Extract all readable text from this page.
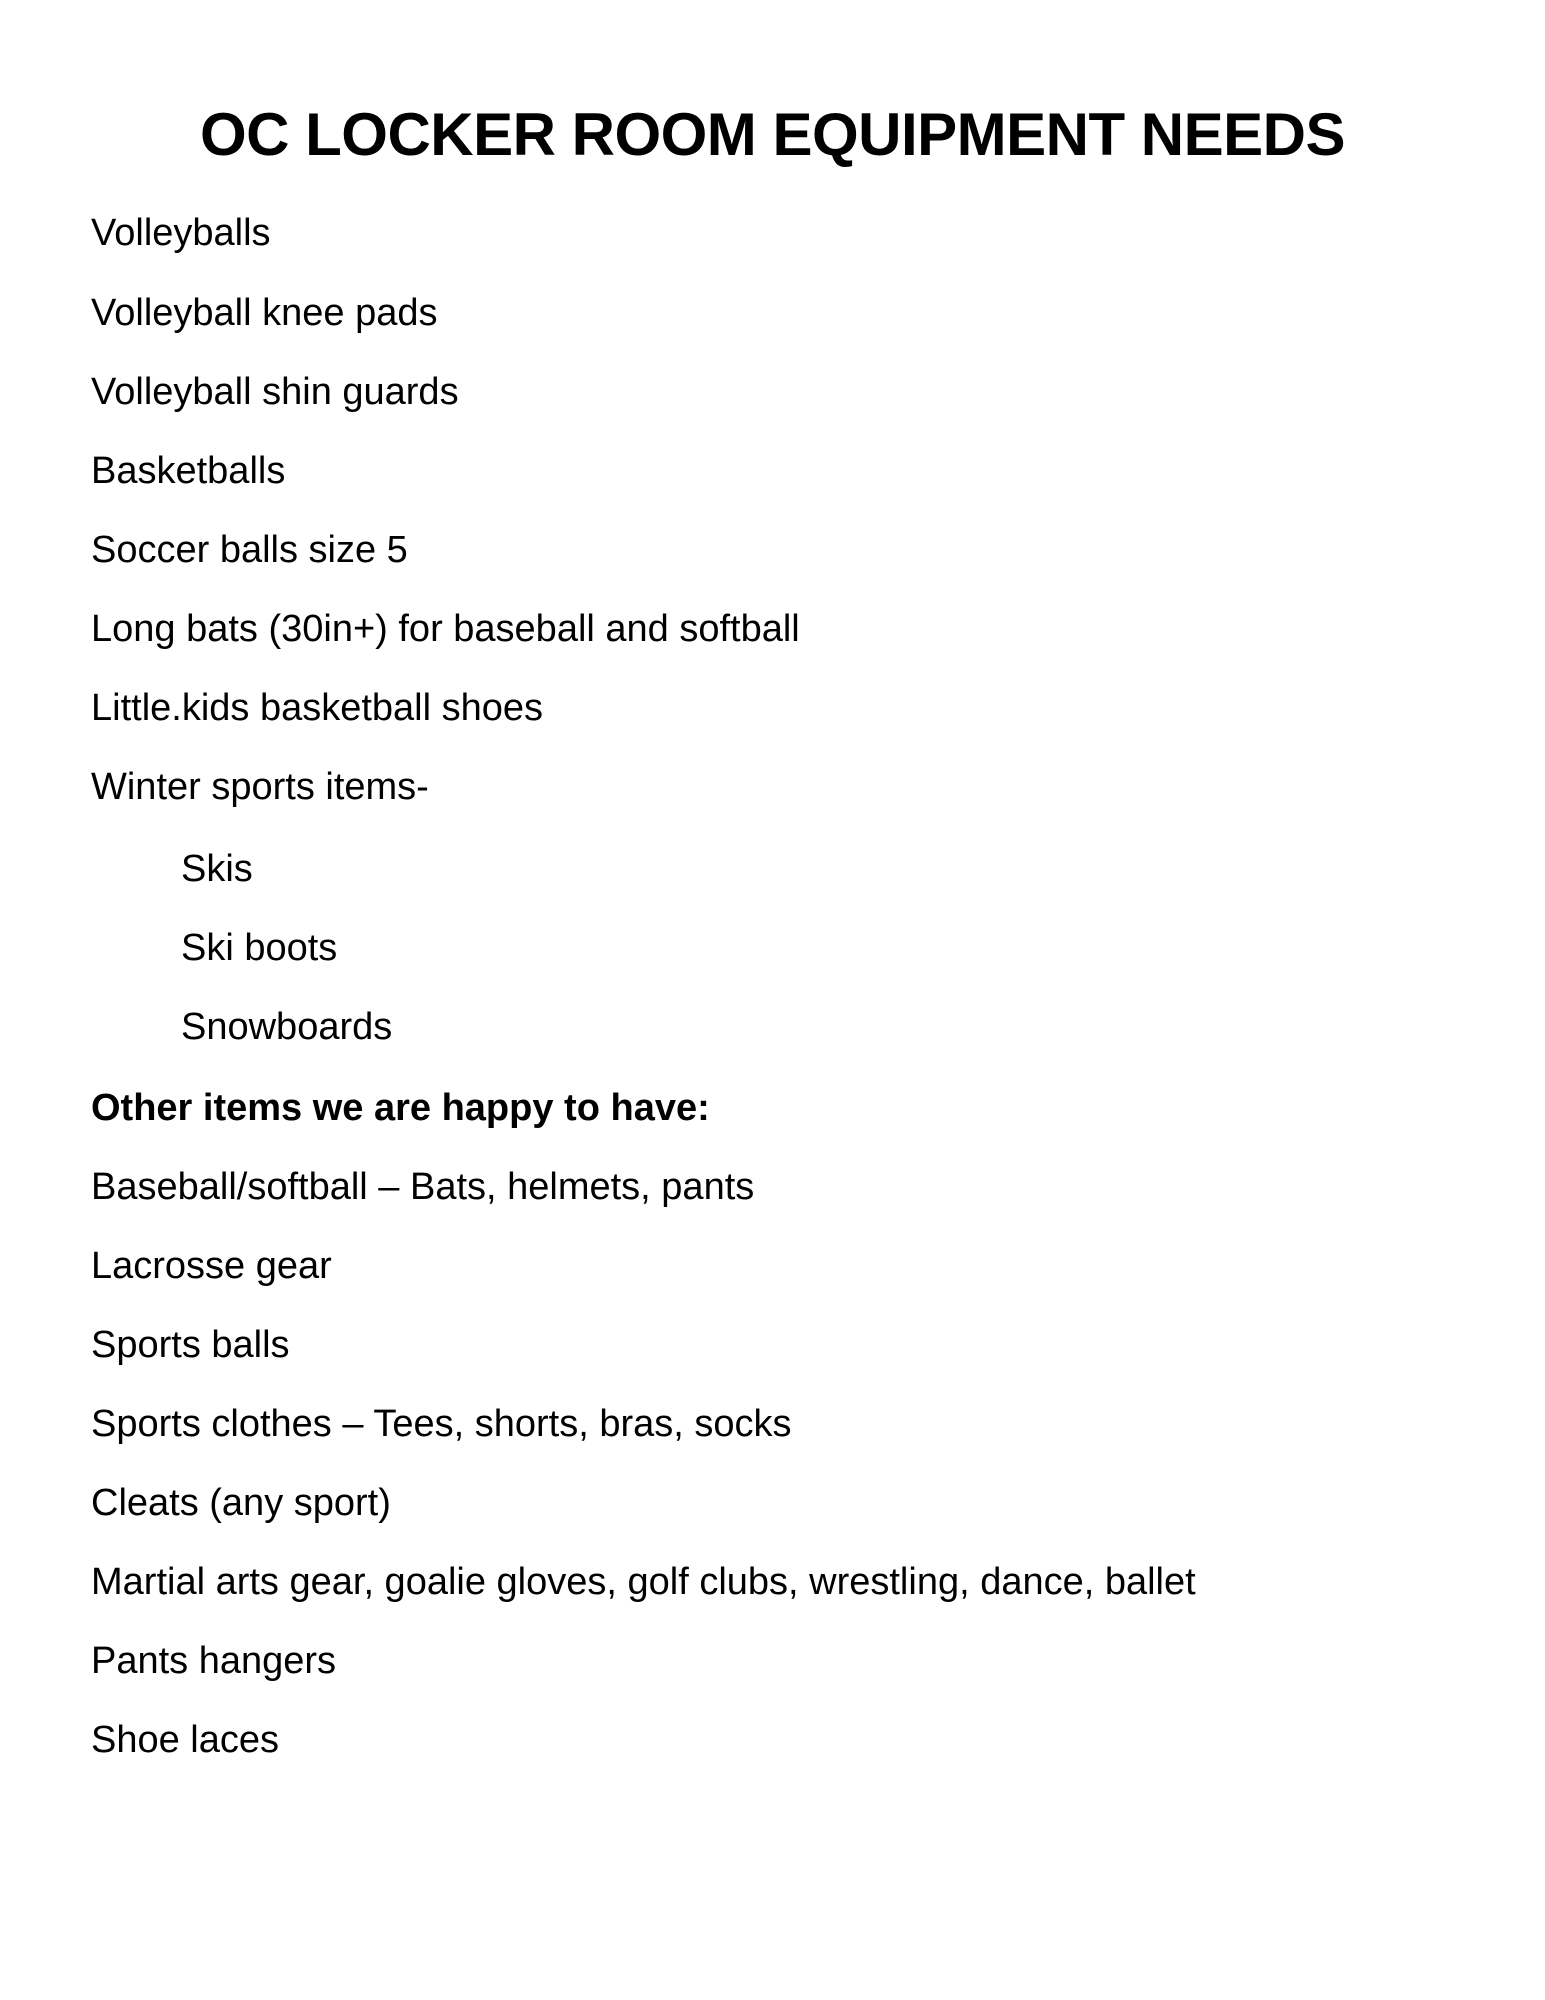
OC LOCKER ROOM EQUIPMENT NEEDS

Volleyballs

Volleyball knee pads

Volleyball shin guards

Basketballs

Soccer balls size 5

Long bats (30in+) for baseball and softball

Little.kids basketball shoes

Winter sports items-

Skis

Ski boots

Snowboards

Other items we are happy to have:

Baseball/softball – Bats, helmets, pants

Lacrosse gear

Sports balls

Sports clothes – Tees, shorts, bras, socks

Cleats (any sport)

Martial arts gear, goalie gloves, golf clubs, wrestling, dance, ballet

Pants hangers

Shoe laces
